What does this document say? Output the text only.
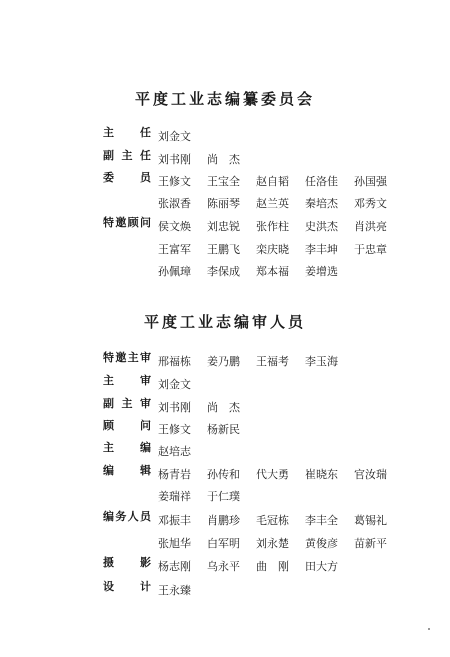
平度工业志编纂委员会
主 任 刘金文
副 主 任 刘书刚 尚　杰
委 员 王修文 王宝全 赵自韬 任洛佳 孙国强
张淑香 陈丽琴 赵兰英 秦培杰 邓秀文
特 邀 顾 问 侯文焕 刘忠锐 张作柱 史洪杰 肖洪亮
王富军 王鹏飞 栾庆晓 李丰坤 于忠章
孙佩璋 李保成 郑本福 姜增选
平度工业志编审人员
特 邀 主 审 邢福栋 姜乃鹏 王福考 李玉海
主 审 刘金文
副 主 审 刘书刚 尚　杰
顾 问 王修文 杨新民
主 编 赵培志
编 辑 杨青岩 孙传和 代大勇 崔晓东 官汝瑞
姜瑞祥 于仁璞
编 务 人 员 邓振丰 肖鹏珍 毛冠栋 李丰全 葛锡礼
张旭华 白军明 刘永楚 黄俊彦 苗新平
摄 影 杨志刚 乌永平 曲　刚 田大方
设 计 王永臻
